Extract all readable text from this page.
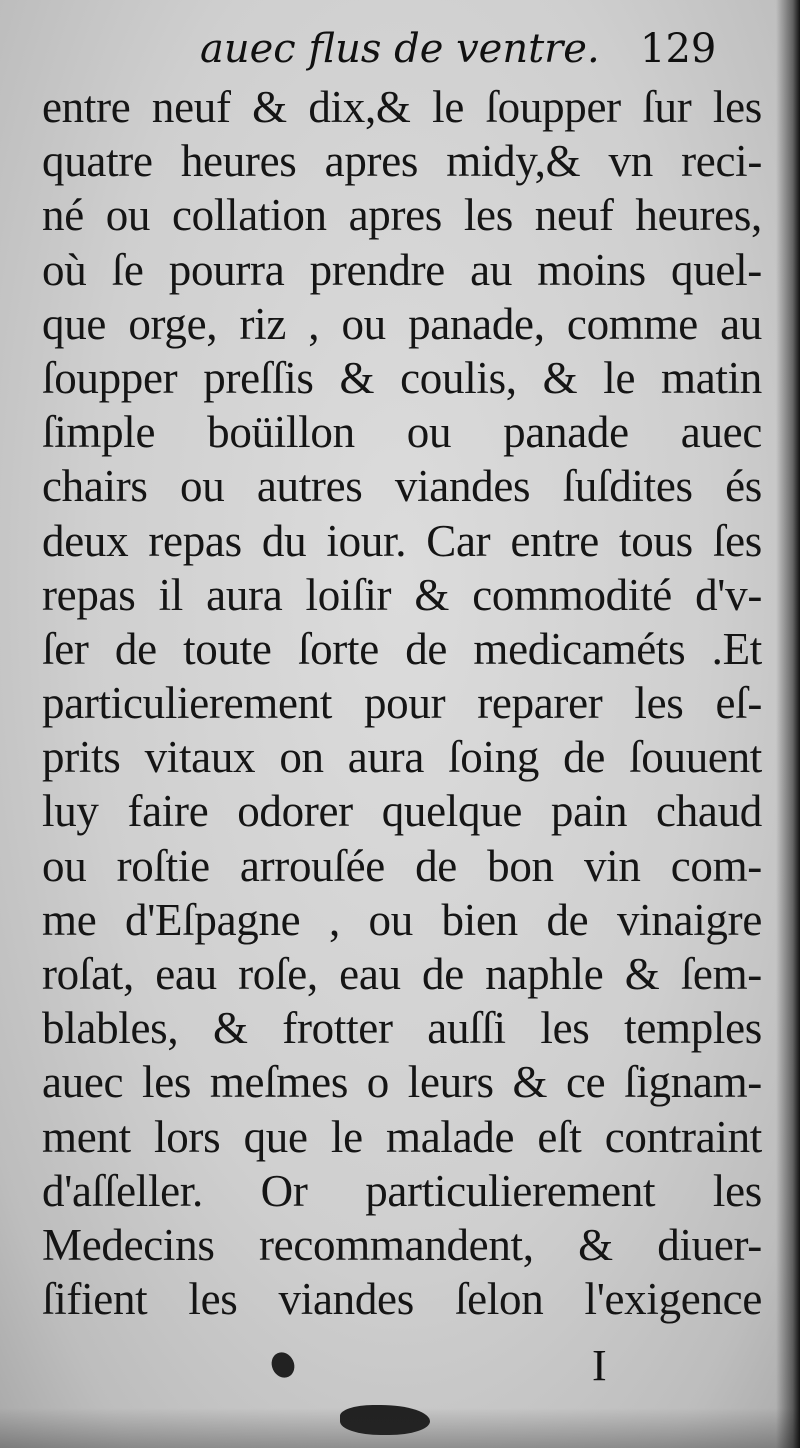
auec flus de ventre. 129
entre neuf & dix,& le ſoupper ſur les
quatre heures apres midy,& vn reci-
né ou collation apres les neuf heures,
où ſe pourra prendre au moins quel-
que orge, riz , ou panade, comme au
ſoupper preſſis & coulis, & le matin
ſimple boüillon ou panade auec
chairs ou autres viandes ſuſdites és
deux repas du iour. Car entre tous ſes
repas il aura loiſir & commodité d'v-
ſer de toute ſorte de medicaméts .Et
particulierement pour reparer les eſ-
prits vitaux on aura ſoing de ſouuent
luy faire odorer quelque pain chaud
ou roſtie arrouſée de bon vin com-
me d'Eſpagne , ou bien de vinaigre
roſat, eau roſe, eau de naphle & ſem-
blables, & frotter auſſi les temples
auec les meſmes o leurs & ce ſignam-
ment lors que le malade eſt contraint
d'aſſeller. Or particulierement les
Medecins recommandent, & diuer-
ſifient les viandes ſelon l'exigence
I
